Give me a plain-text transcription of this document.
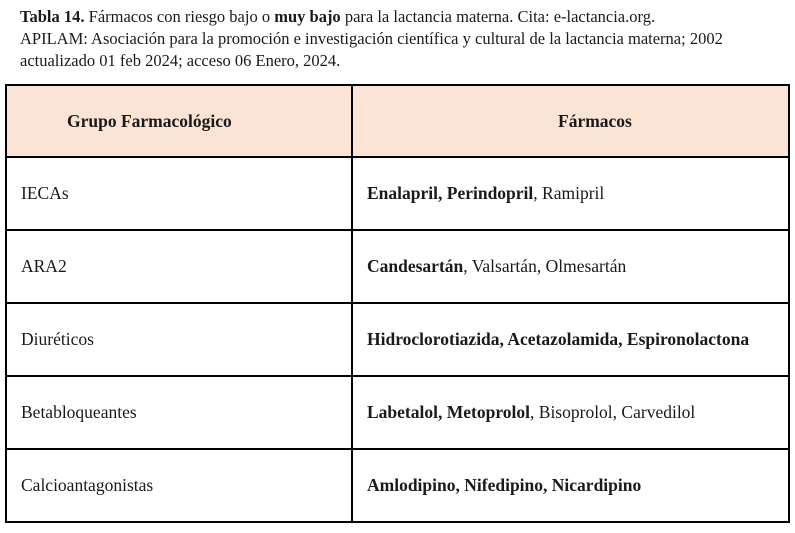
Tabla 14. Fármacos con riesgo bajo o muy bajo para la lactancia materna. Cita: e-lactancia.org.
APILAM: Asociación para la promoción e investigación científica y cultural de la lactancia materna; 2002
actualizado 01 feb 2024; acceso 06 Enero, 2024.
Grupo Farmacológico	Fármacos
IECAs	Enalapril, Perindopril, Ramipril
ARA2	Candesartán, Valsartán, Olmesartán
Diuréticos	Hidroclorotiazida, Acetazolamida, Espironolactona
Betabloqueantes	Labetalol, Metoprolol, Bisoprolol, Carvedilol
Calcioantagonistas	Amlodipino, Nifedipino, Nicardipino
